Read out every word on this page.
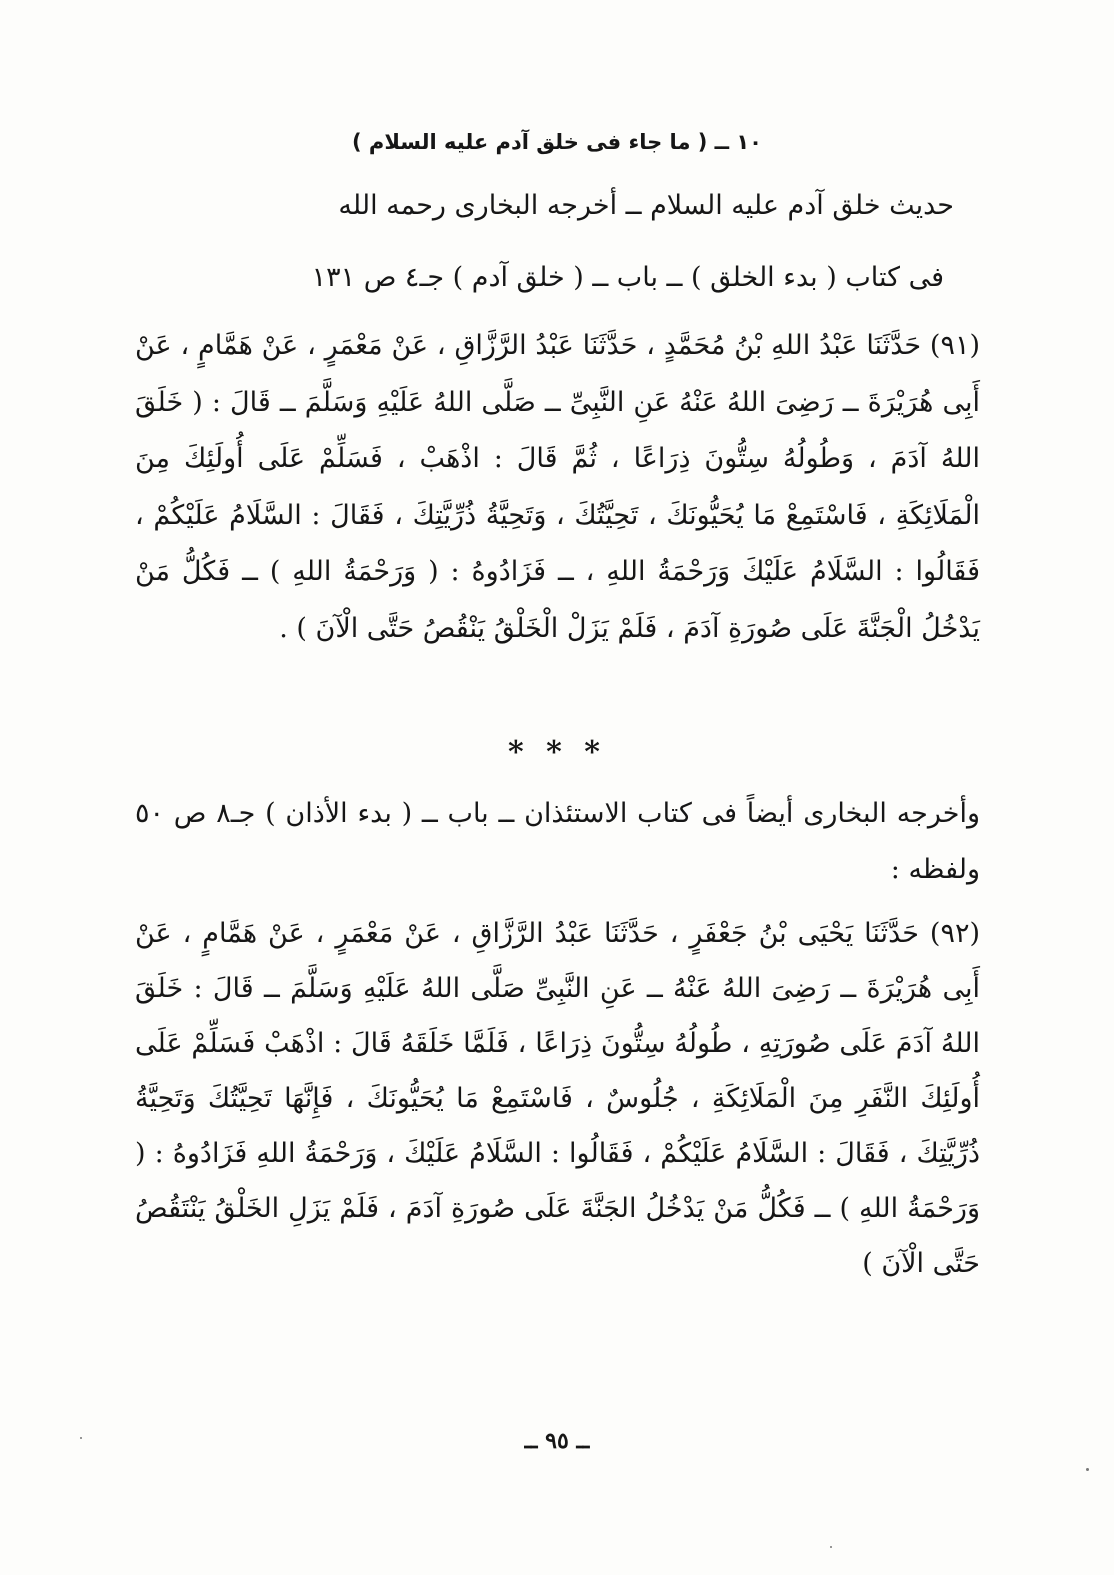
١٠ ــ ( ما جاء فى خلق آدم عليه السلام )
حديث خلق آدم عليه السلام ــ أخرجه البخارى رحمه الله
فى كتاب ( بدء الخلق ) ــ باب ــ ( خلق آدم ) جـ٤ ص ١٣١
(٩١) حَدَّثَنَا عَبْدُ اللهِ بْنُ مُحَمَّدٍ ، حَدَّثَنَا عَبْدُ الرَّزَّاقِ ، عَنْ مَعْمَرٍ ، عَنْ هَمَّامٍ ، عَنْ أَبِى هُرَيْرَةَ ــ رَضِىَ اللهُ عَنْهُ عَنِ النَّبِىِّ ــ صَلَّى اللهُ عَلَيْهِ وَسَلَّمَ ــ قَالَ : ( خَلَقَ اللهُ آدَمَ ، وَطُولُهُ سِتُّونَ ذِرَاعًا ، ثُمَّ قَالَ : اذْهَبْ ، فَسَلِّمْ عَلَى أُولَئِكَ مِنَ الْمَلَائِكَةِ ، فَاسْتَمِعْ مَا يُحَيُّونَكَ ، تَحِيَّتُكَ ، وَتَحِيَّةُ ذُرِّيَّتِكَ ، فَقَالَ : السَّلَامُ عَلَيْكُمْ ، فَقَالُوا : السَّلَامُ عَلَيْكَ وَرَحْمَةُ اللهِ ، ــ فَزَادُوهُ : ( وَرَحْمَةُ اللهِ ) ــ فَكُلُّ مَنْ يَدْخُلُ الْجَنَّةَ عَلَى صُورَةِ آدَمَ ، فَلَمْ يَزَلْ الْخَلْقُ يَنْقُصُ حَتَّى الْآنَ ) .
* * *
وأخرجه البخارى أيضاً فى كتاب الاستئذان ــ باب ــ ( بدء الأذان ) جـ٨ ص ٥٠ ولفظه :
(٩٢) حَدَّثَنَا يَحْيَى بْنُ جَعْفَرٍ ، حَدَّثَنَا عَبْدُ الرَّزَّاقِ ، عَنْ مَعْمَرٍ ، عَنْ هَمَّامٍ ، عَنْ أَبِى هُرَيْرَةَ ــ رَضِىَ اللهُ عَنْهُ ــ عَنِ النَّبِىِّ صَلَّى اللهُ عَلَيْهِ وَسَلَّمَ ــ قَالَ : خَلَقَ اللهُ آدَمَ عَلَى صُورَتِهِ ، طُولُهُ سِتُّونَ ذِرَاعًا ، فَلَمَّا خَلَقَهُ قَالَ : اذْهَبْ فَسَلِّمْ عَلَى أُولَئِكَ النَّفَرِ مِنَ الْمَلَائِكَةِ ، جُلُوسٌ ، فَاسْتَمِعْ مَا يُحَيُّونَكَ ، فَإِنَّهَا تَحِيَّتُكَ وَتَحِيَّةُ ذُرِّيَّتِكَ ، فَقَالَ : السَّلَامُ عَلَيْكُمْ ، فَقَالُوا : السَّلَامُ عَلَيْكَ ، وَرَحْمَةُ اللهِ فَزَادُوهُ : ( وَرَحْمَةُ اللهِ ) ــ فَكُلُّ مَنْ يَدْخُلُ الجَنَّةَ عَلَى صُورَةِ آدَمَ ، فَلَمْ يَزَلِ الخَلْقُ يَنْتَقُصُ حَتَّى الْآنَ )
ــ ٩٥ ــ
